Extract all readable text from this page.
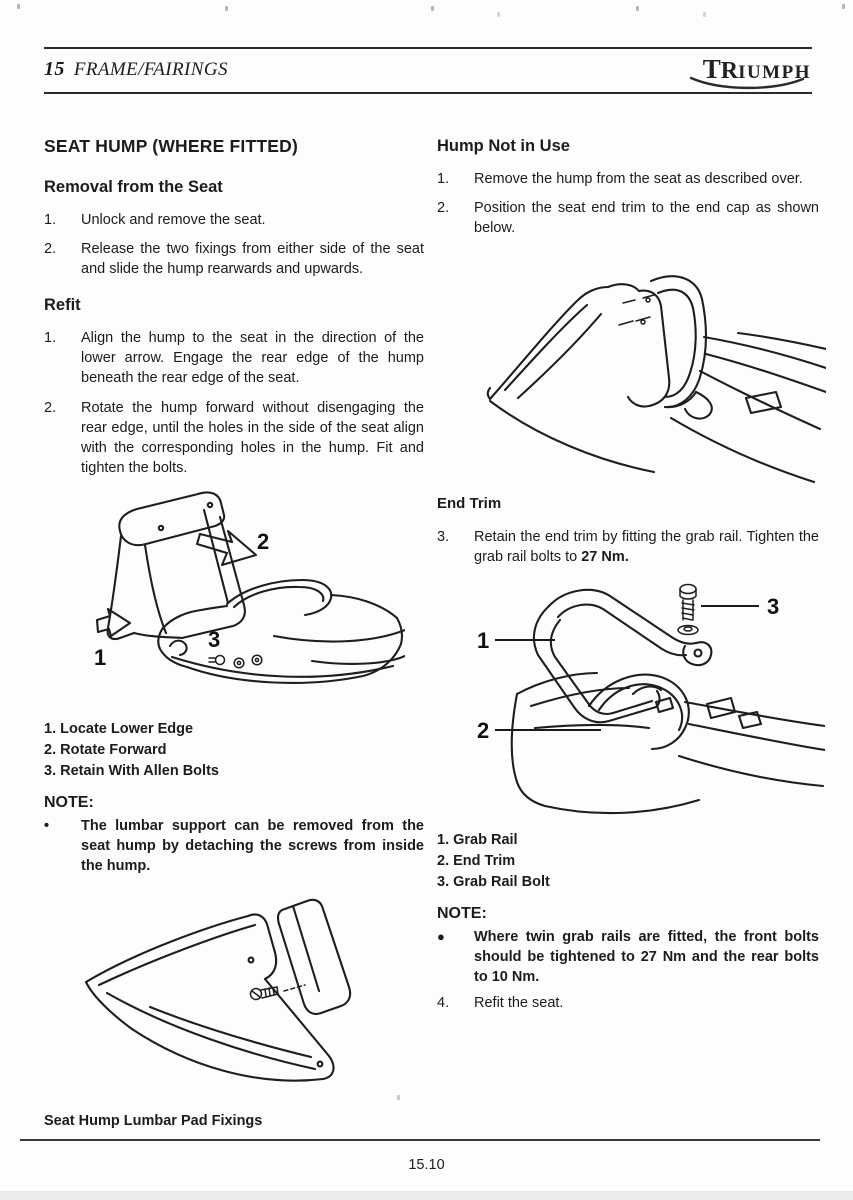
15 FRAME/FAIRINGS	TRIUMPH
SEAT HUMP (WHERE FITTED)
Removal from the Seat
1.	Unlock and remove the seat.
2.	Release the two fixings from either side of the seat and slide the hump rearwards and upwards.
Refit
1.	Align the hump to the seat in the direction of the lower arrow. Engage the rear edge of the hump beneath the rear edge of the seat.
2.	Rotate the hump forward without disengaging the rear edge, until the holes in the side of the seat align with the corresponding holes in the hump. Fit and tighten the bolts.
2
1
3
1. Locate Lower Edge
2. Rotate Forward
3. Retain With Allen Bolts
NOTE:
•	The lumbar support can be removed from the seat hump by detaching the screws from inside the hump.
Seat Hump Lumbar Pad Fixings
Hump Not in Use
1.	Remove the hump from the seat as described over.
2.	Position the seat end trim to the end cap as shown below.
End Trim
3.	Retain the end trim by fitting the grab rail. Tighten the grab rail bolts to 27 Nm.
1
2
3
1. Grab Rail
2. End Trim
3. Grab Rail Bolt
NOTE:
●	Where twin grab rails are fitted, the front bolts should be tightened to 27 Nm and the rear bolts to 10 Nm.
4.	Refit the seat.
15.10
